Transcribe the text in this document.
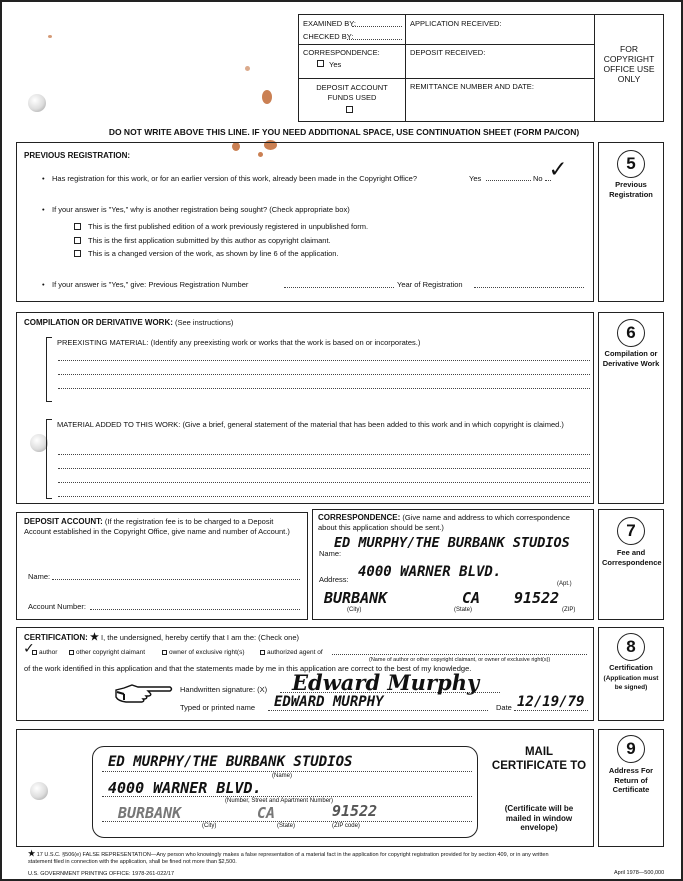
EXAMINED BY:
CHECKED BY:
CORRESPONDENCE:
Yes
DEPOSIT ACCOUNT FUNDS USED
APPLICATION RECEIVED:
DEPOSIT RECEIVED:
REMITTANCE NUMBER AND DATE:
FOR COPYRIGHT OFFICE USE ONLY
DO NOT WRITE ABOVE THIS LINE. IF YOU NEED ADDITIONAL SPACE, USE CONTINUATION SHEET (FORM PA/CON)
5
Previous Registration
PREVIOUS REGISTRATION:
• Has registration for this work, or for an earlier version of this work, already been made in the Copyright Office?	Yes	No ✓
• If your answer is "Yes," why is another registration being sought? (Check appropriate box)
This is the first published edition of a work previously registered in unpublished form.
This is the first application submitted by this author as copyright claimant.
This is a changed version of the work, as shown by line 6 of the application.
• If your answer is "Yes," give: Previous Registration Number	Year of Registration
6
Compilation or Derivative Work
COMPILATION OR DERIVATIVE WORK: (See instructions)
PREEXISTING MATERIAL: (Identify any preexisting work or works that the work is based on or incorporates.)
MATERIAL ADDED TO THIS WORK: (Give a brief, general statement of the material that has been added to this work and in which copyright is claimed.)
7
Fee and Correspondence
DEPOSIT ACCOUNT: (If the registration fee is to be charged to a Deposit Account established in the Copyright Office, give name and number of Account.)
Name:
Account Number:
CORRESPONDENCE: (Give name and address to which correspondence about this application should be sent.)
Name:
ED MURPHY/THE BURBANK STUDIOS
Address: 4000 WARNER BLVD.
(Apt.)
BURBANK	CA 91522
(City)	(State)	(ZIP)
8
Certification
(Application must be signed)
CERTIFICATION: ★ I, the undersigned, hereby certify that I am the: (Check one)
✓ author	other copyright claimant	owner of exclusive right(s)	authorized agent of
(Name of author or other copyright claimant, or owner of exclusive right(s))
of the work identified in this application and that the statements made by me in this application are correct to the best of my knowledge.
Handwritten signature: (X) Edward Murphy
Typed or printed name EDWARD MURPHY	Date 12/19/79
9
Address For Return of Certificate
ED MURPHY/THE BURBANK STUDIOS
(Name)
4000 WARNER BLVD.
(Number, Street and Apartment Number)
BURBANK	CA	91522
(City)	(State)	(ZIP code)
MAIL CERTIFICATE TO
(Certificate will be mailed in window envelope)
★ 17 U.S.C. §506(e) FALSE REPRESENTATION—Any person who knowingly makes a false representation of a material fact in the application for copyright registration provided for by section 409, or in any written statement filed in connection with the application, shall be fined not more than $2,500.
U.S. GOVERNMENT PRINTING OFFICE: 1978-261-022/17	April 1978—500,000
